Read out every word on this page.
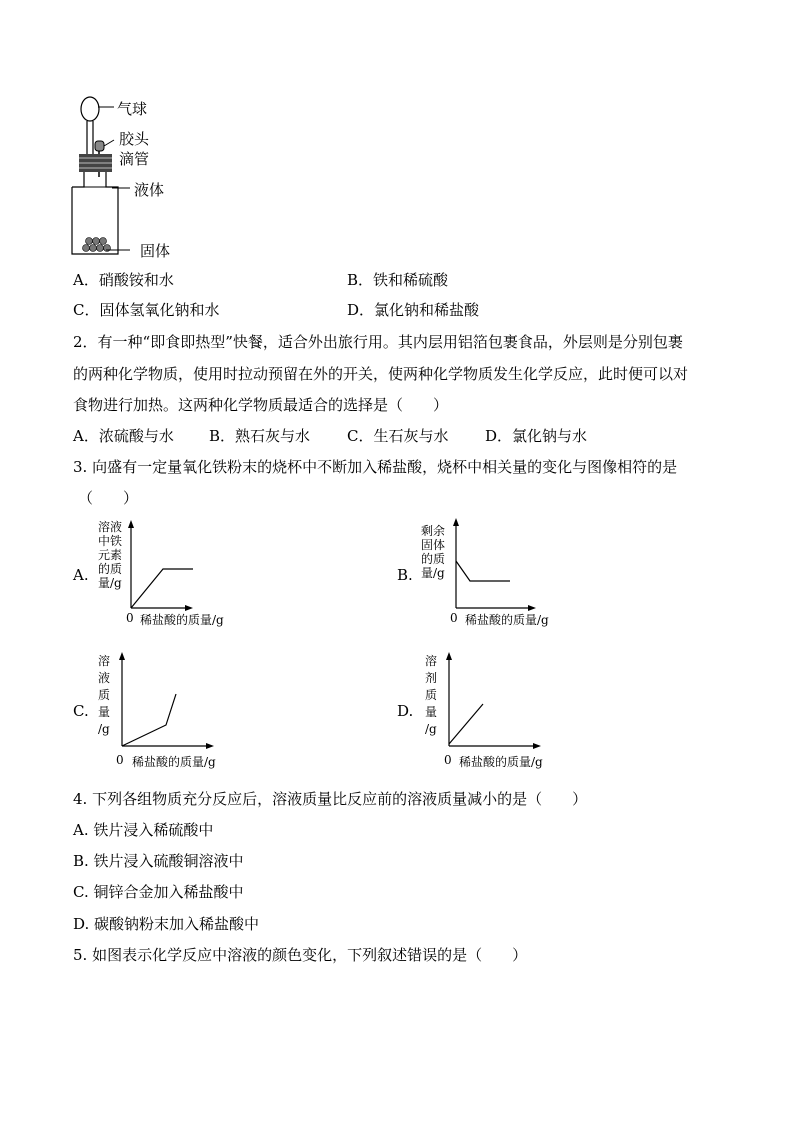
气球
胶头
滴管
液体
固体
A．硝酸铵和水	B．铁和稀硫酸
C．固体氢氧化钠和水	D．氯化钠和稀盐酸
2．有一种“即食即热型”快餐，适合外出旅行用。其内层用铝箔包裹食品，外层则是分别包裹
的两种化学物质，使用时拉动预留在外的开关，使两种化学物质发生化学反应，此时便可以对
食物进行加热。这两种化学物质最适合的选择是（　　）
A．浓硫酸与水 B．熟石灰与水 C．生石灰与水 D．氯化钠与水
3. 向盛有一定量氧化铁粉末的烧杯中不断加入稀盐酸，烧杯中相关量的变化与图像相符的是
（　　）
A.
溶液
中铁
元素
的质
量/g
0 稀盐酸的质量/g
B.
剩余
固体
的质
量/g
0 稀盐酸的质量/g
C.
溶
液
质
量
/g
0 稀盐酸的质量/g
D.
溶
剂
质
量
/g
0 稀盐酸的质量/g
4. 下列各组物质充分反应后，溶液质量比反应前的溶液质量减小的是（　　）
A. 铁片浸入稀硫酸中
B. 铁片浸入硫酸铜溶液中
C. 铜锌合金加入稀盐酸中
D. 碳酸钠粉末加入稀盐酸中
5. 如图表示化学反应中溶液的颜色变化，下列叙述错误的是（　　）
